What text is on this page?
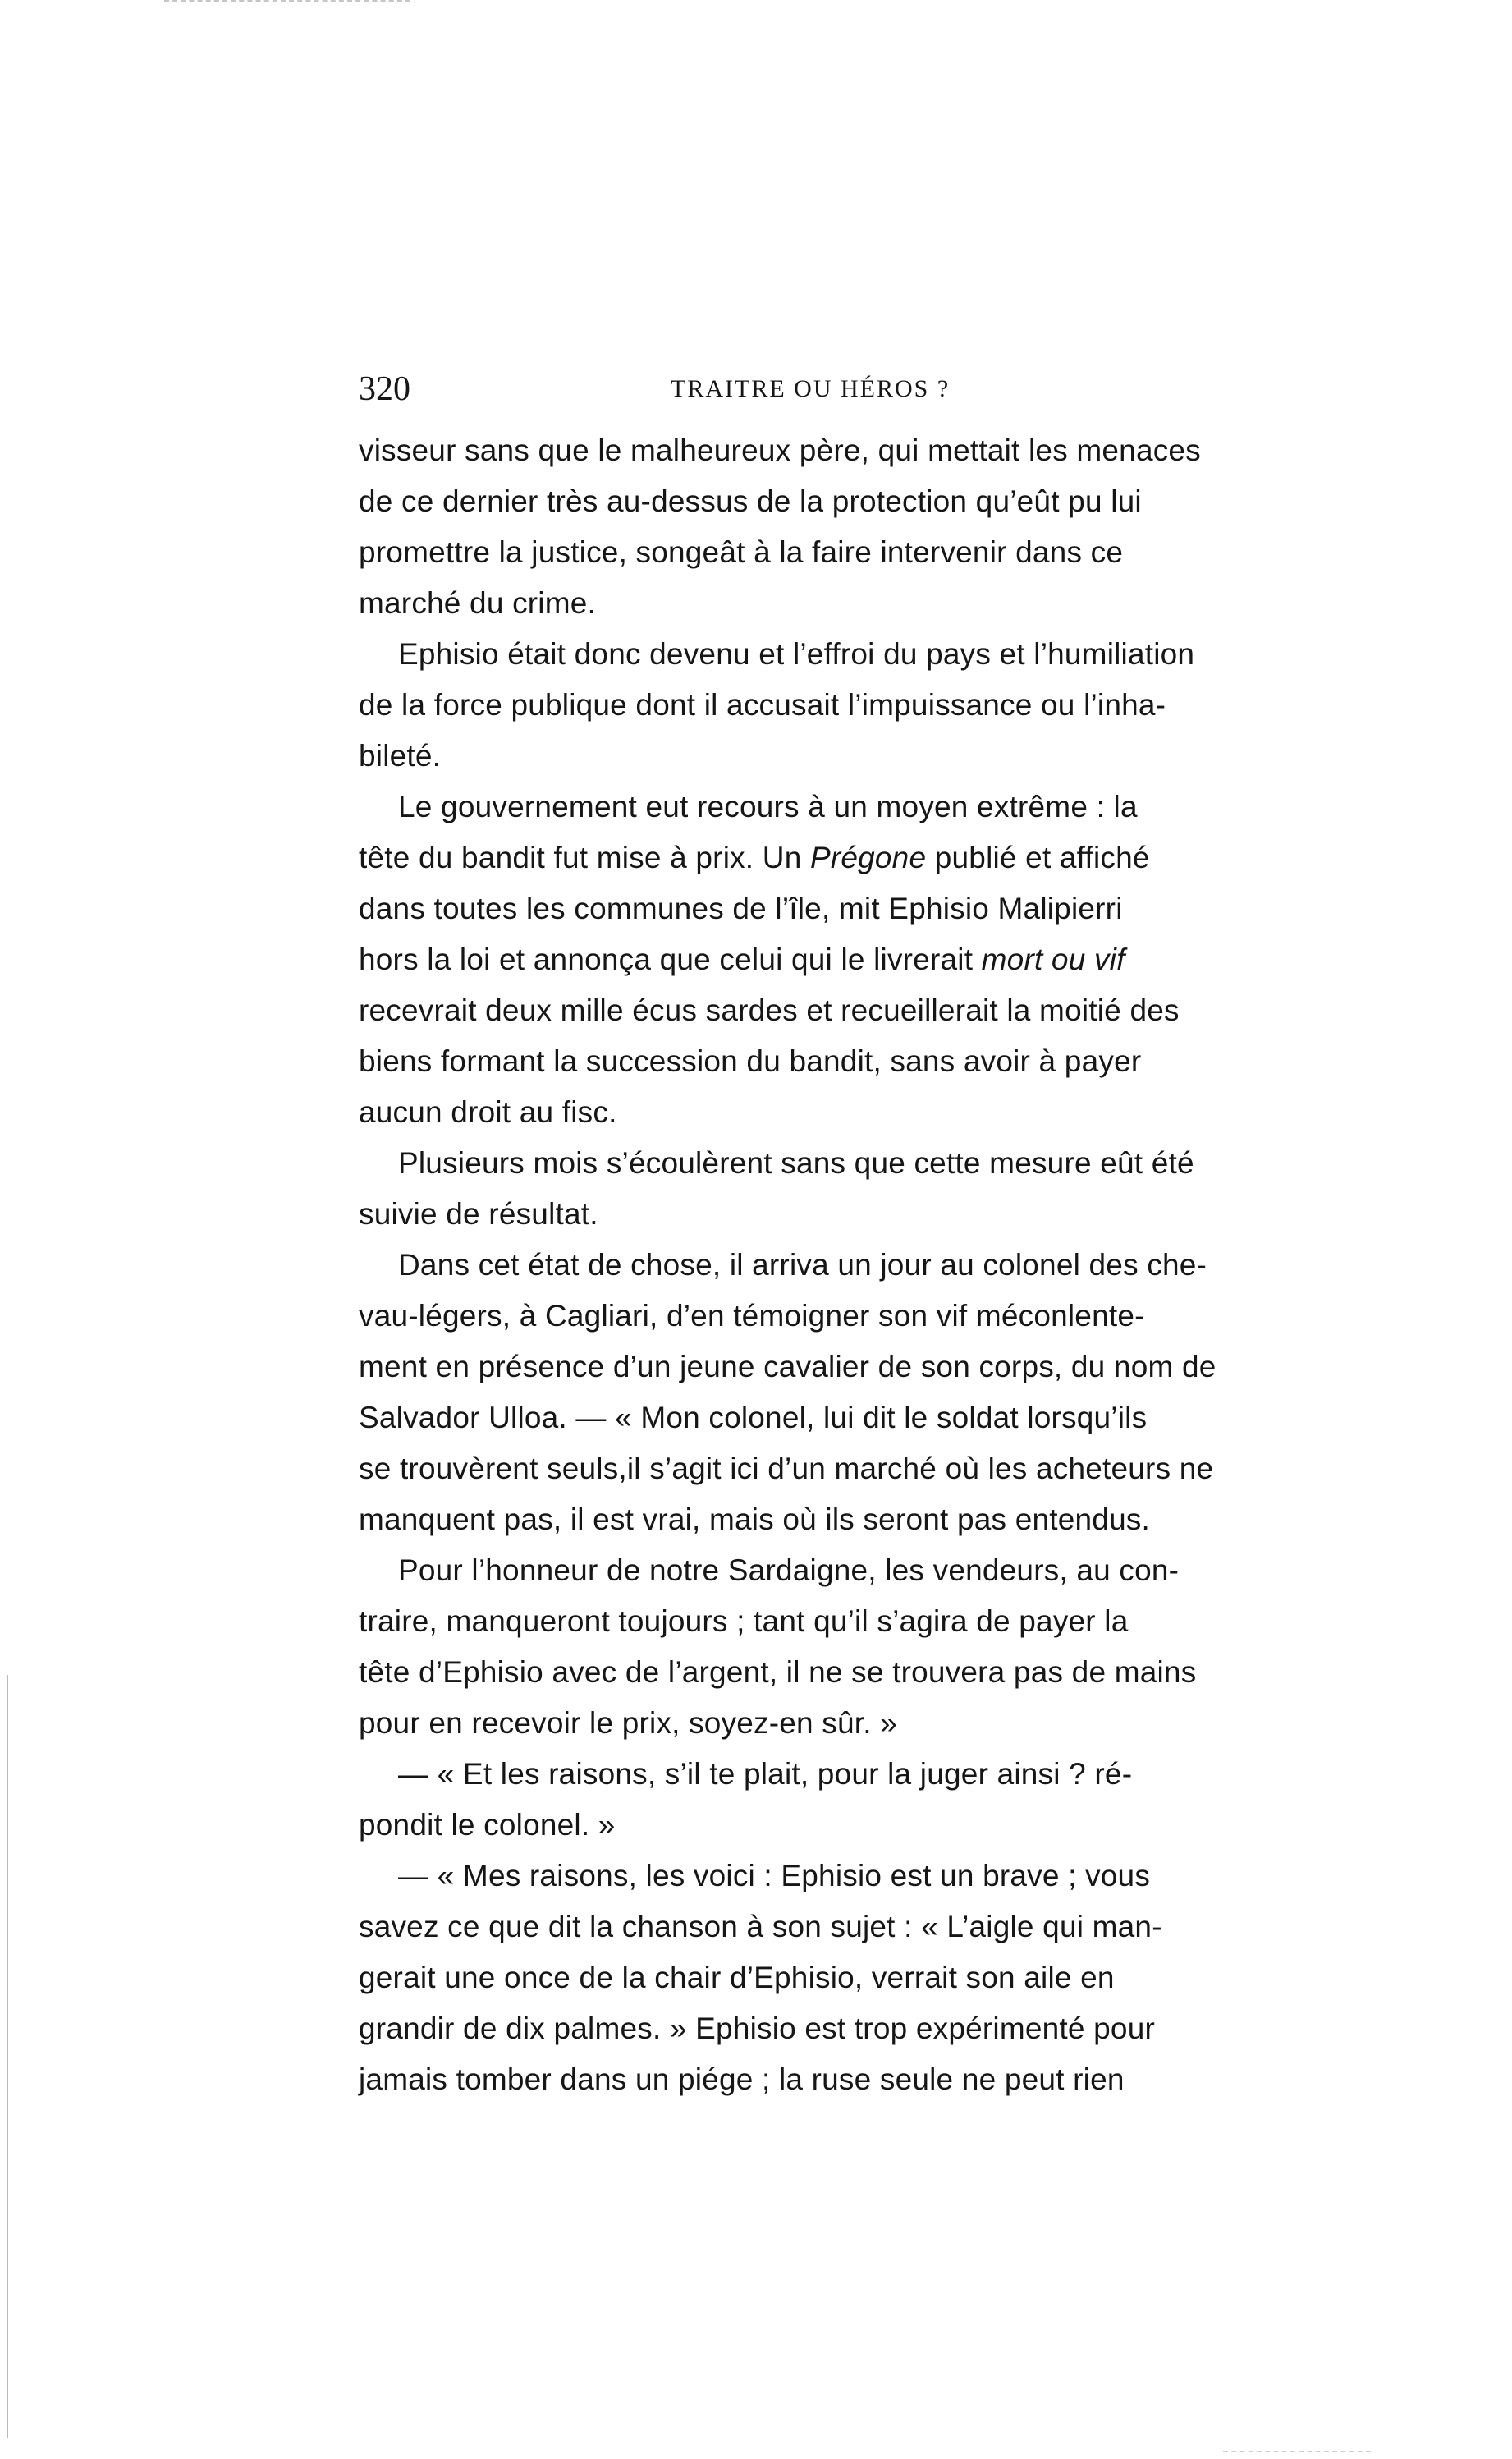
320	TRAITRE OU HÉROS ?
visseur sans que le malheureux père, qui mettait les menaces
de ce dernier très au-dessus de la protection qu’eût pu lui
promettre la justice, songeât à la faire intervenir dans ce
marché du crime.
Ephisio était donc devenu et l’effroi du pays et l’humiliation
de la force publique dont il accusait l’impuissance ou l’inha-
bileté.
Le gouvernement eut recours à un moyen extrême : la
tête du bandit fut mise à prix. Un Prégone publié et affiché
dans toutes les communes de l’île, mit Ephisio Malipierri
hors la loi et annonça que celui qui le livrerait mort ou vif
recevrait deux mille écus sardes et recueillerait la moitié des
biens formant la succession du bandit, sans avoir à payer
aucun droit au fisc.
Plusieurs mois s’écoulèrent sans que cette mesure eût été
suivie de résultat.
Dans cet état de chose, il arriva un jour au colonel des che-
vau-légers, à Cagliari, d’en témoigner son vif méconlente-
ment en présence d’un jeune cavalier de son corps, du nom de
Salvador Ulloa. — « Mon colonel, lui dit le soldat lorsqu’ils
se trouvèrent seuls,il s’agit ici d’un marché où les acheteurs ne
manquent pas, il est vrai, mais où ils seront pas entendus.
Pour l’honneur de notre Sardaigne, les vendeurs, au con-
traire, manqueront toujours ; tant qu’il s’agira de payer la
tête d’Ephisio avec de l’argent, il ne se trouvera pas de mains
pour en recevoir le prix, soyez-en sûr. »
— « Et les raisons, s’il te plait, pour la juger ainsi ? ré-
pondit le colonel. »
— « Mes raisons, les voici : Ephisio est un brave ; vous
savez ce que dit la chanson à son sujet : « L’aigle qui man-
gerait une once de la chair d’Ephisio, verrait son aile en
grandir de dix palmes. » Ephisio est trop expérimenté pour
jamais tomber dans un piége ; la ruse seule ne peut rien
